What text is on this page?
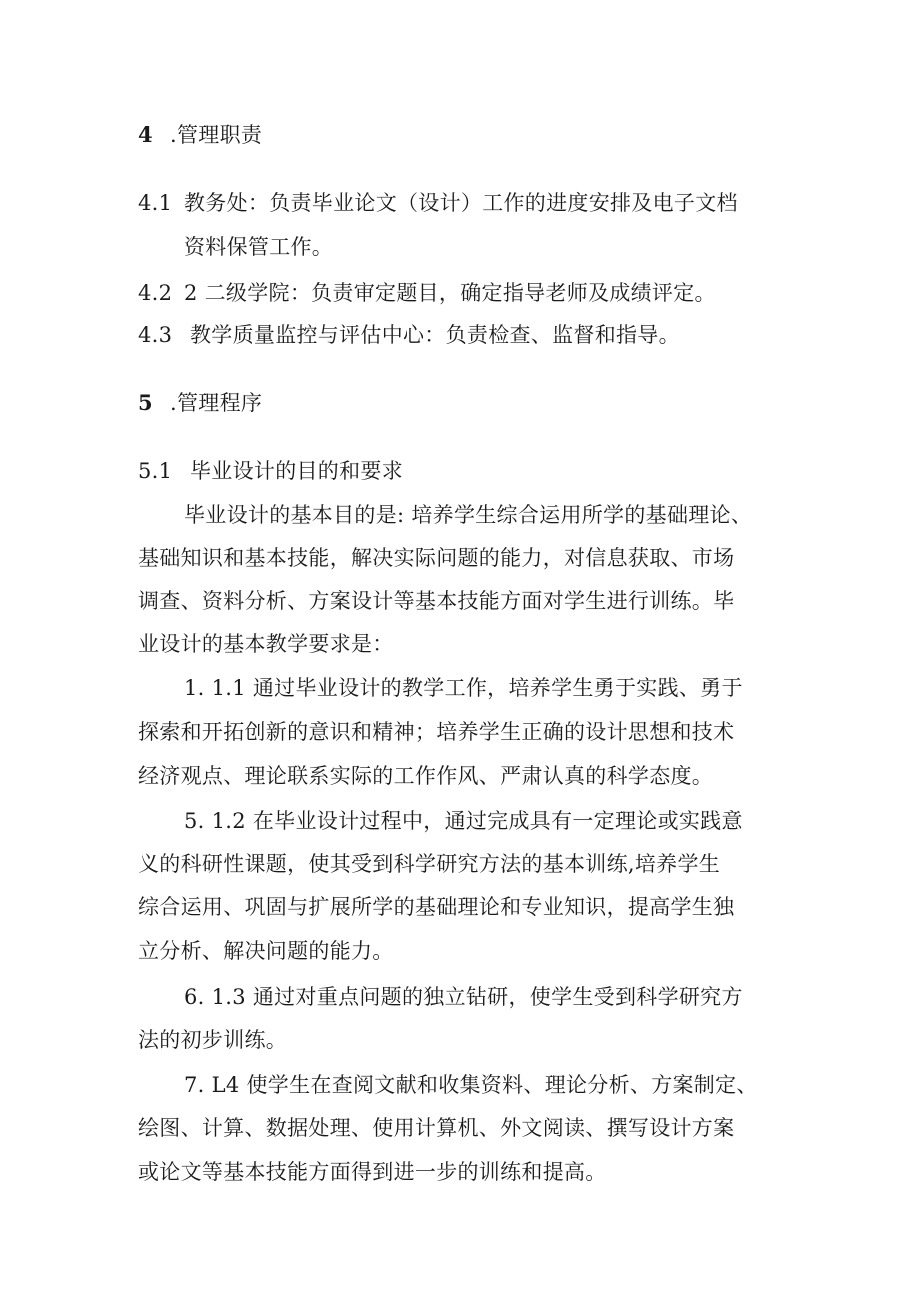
4 .管理职责
4.1 教务处：负责毕业论文（设计）工作的进度安排及电子文档
资料保管工作。
4.2 2 二级学院：负责审定题目，确定指导老师及成绩评定。
4.3 教学质量监控与评估中心：负责检查、监督和指导。
5 .管理程序
5.1 毕业设计的目的和要求
毕业设计的基本目的是: 培养学生综合运用所学的基础理论、
基础知识和基本技能，解决实际问题的能力，对信息获取、市场
调查、资料分析、方案设计等基本技能方面对学生进行训练。毕
业设计的基本教学要求是：
1. 1.1 通过毕业设计的教学工作，培养学生勇于实践、勇于
探索和开拓创新的意识和精神；培养学生正确的设计思想和技术
经济观点、理论联系实际的工作作风、严肃认真的科学态度。
5. 1.2 在毕业设计过程中，通过完成具有一定理论或实践意
义的科研性课题，使其受到科学研究方法的基本训练,培养学生
综合运用、巩固与扩展所学的基础理论和专业知识，提高学生独
立分析、解决问题的能力。
6. 1.3 通过对重点问题的独立钻研，使学生受到科学研究方
法的初步训练。
7. L4 使学生在查阅文献和收集资料、理论分析、方案制定、
绘图、计算、数据处理、使用计算机、外文阅读、撰写设计方案
或论文等基本技能方面得到进一步的训练和提高。
